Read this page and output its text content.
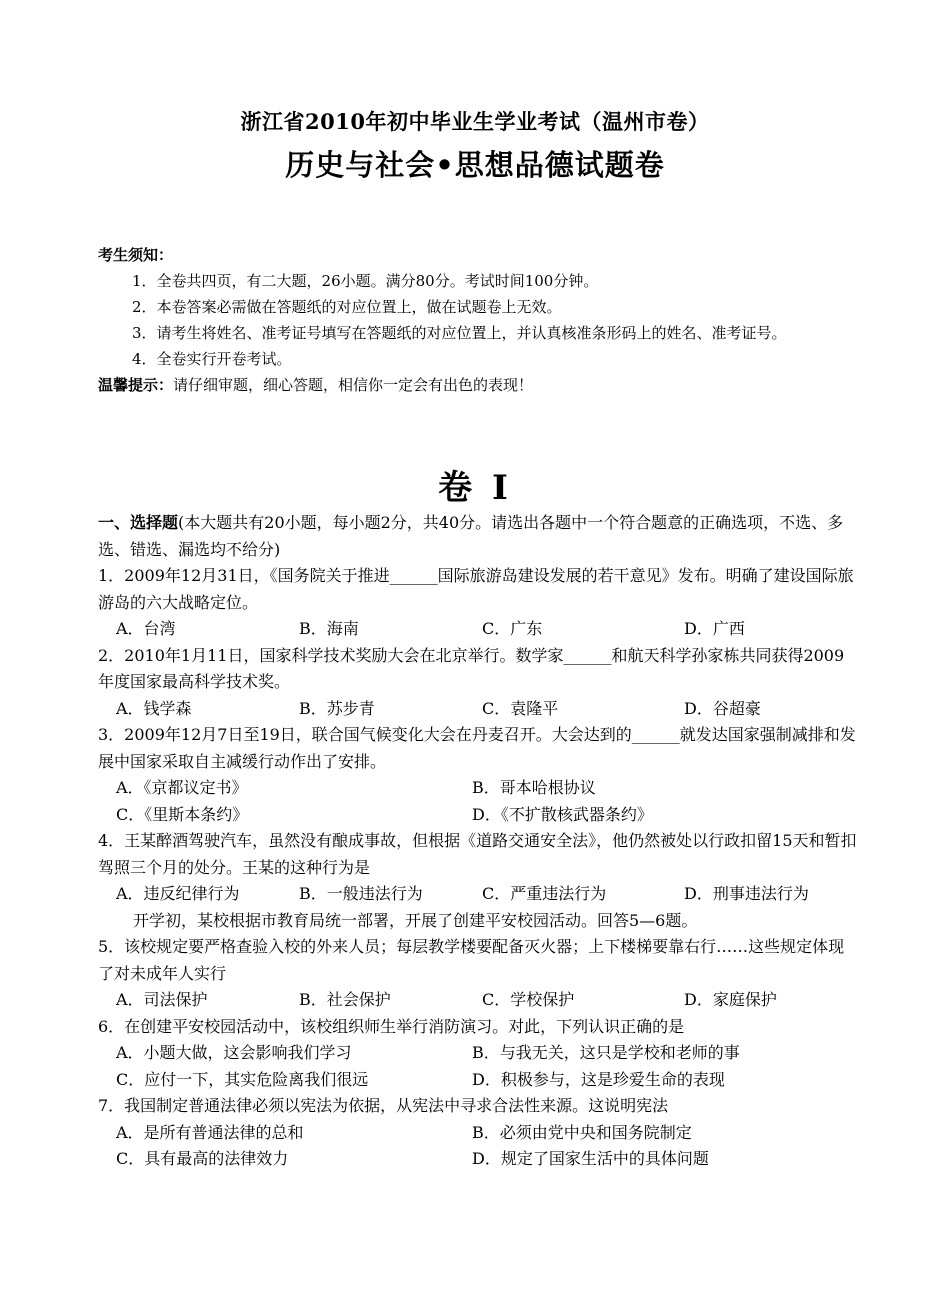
浙江省2010年初中毕业生学业考试（温州市卷）
历史与社会•思想品德试题卷
考生须知：
1．全卷共四页，有二大题，26小题。满分80分。考试时间100分钟。
2．本卷答案必需做在答题纸的对应位置上，做在试题卷上无效。
3．请考生将姓名、准考证号填写在答题纸的对应位置上，并认真核准条形码上的姓名、准考证号。
4．全卷实行开卷考试。
温馨提示：请仔细审题，细心答题，相信你一定会有出色的表现！
卷 I
一、选择题(本大题共有20小题，每小题2分，共40分。请选出各题中一个符合题意的正确选项，不选、多选、错选、漏选均不给分)
1．2009年12月31日，《国务院关于推进______国际旅游岛建设发展的若干意见》发布。明确了建设国际旅游岛的六大战略定位。
A．台湾	B．海南	C．广东	D．广西
2．2010年1月11日，国家科学技术奖励大会在北京举行。数学家______和航天科学孙家栋共同获得2009年度国家最高科学技术奖。
A．钱学森	B．苏步青	C．袁隆平	D．谷超豪
3．2009年12月7日至19日，联合国气候变化大会在丹麦召开。大会达到的______就发达国家强制减排和发展中国家采取自主减缓行动作出了安排。
A．《京都议定书》	B．哥本哈根协议
C．《里斯本条约》	D．《不扩散核武器条约》
4．王某醉酒驾驶汽车，虽然没有酿成事故，但根据《道路交通安全法》，他仍然被处以行政扣留15天和暂扣驾照三个月的处分。王某的这种行为是
A．违反纪律行为	B．一般违法行为	C．严重违法行为	D．刑事违法行为
开学初，某校根据市教育局统一部署，开展了创建平安校园活动。回答5—6题。
5．该校规定要严格查验入校的外来人员；每层教学楼要配备灭火器；上下楼梯要靠右行……这些规定体现了对未成年人实行
A．司法保护	B．社会保护	C．学校保护	D．家庭保护
6．在创建平安校园活动中，该校组织师生举行消防演习。对此，下列认识正确的是
A．小题大做，这会影响我们学习	B．与我无关，这只是学校和老师的事
C．应付一下，其实危险离我们很远	D．积极参与，这是珍爱生命的表现
7．我国制定普通法律必须以宪法为依据，从宪法中寻求合法性来源。这说明宪法
A．是所有普通法律的总和	B．必须由党中央和国务院制定
C．具有最高的法律效力	D．规定了国家生活中的具体问题
